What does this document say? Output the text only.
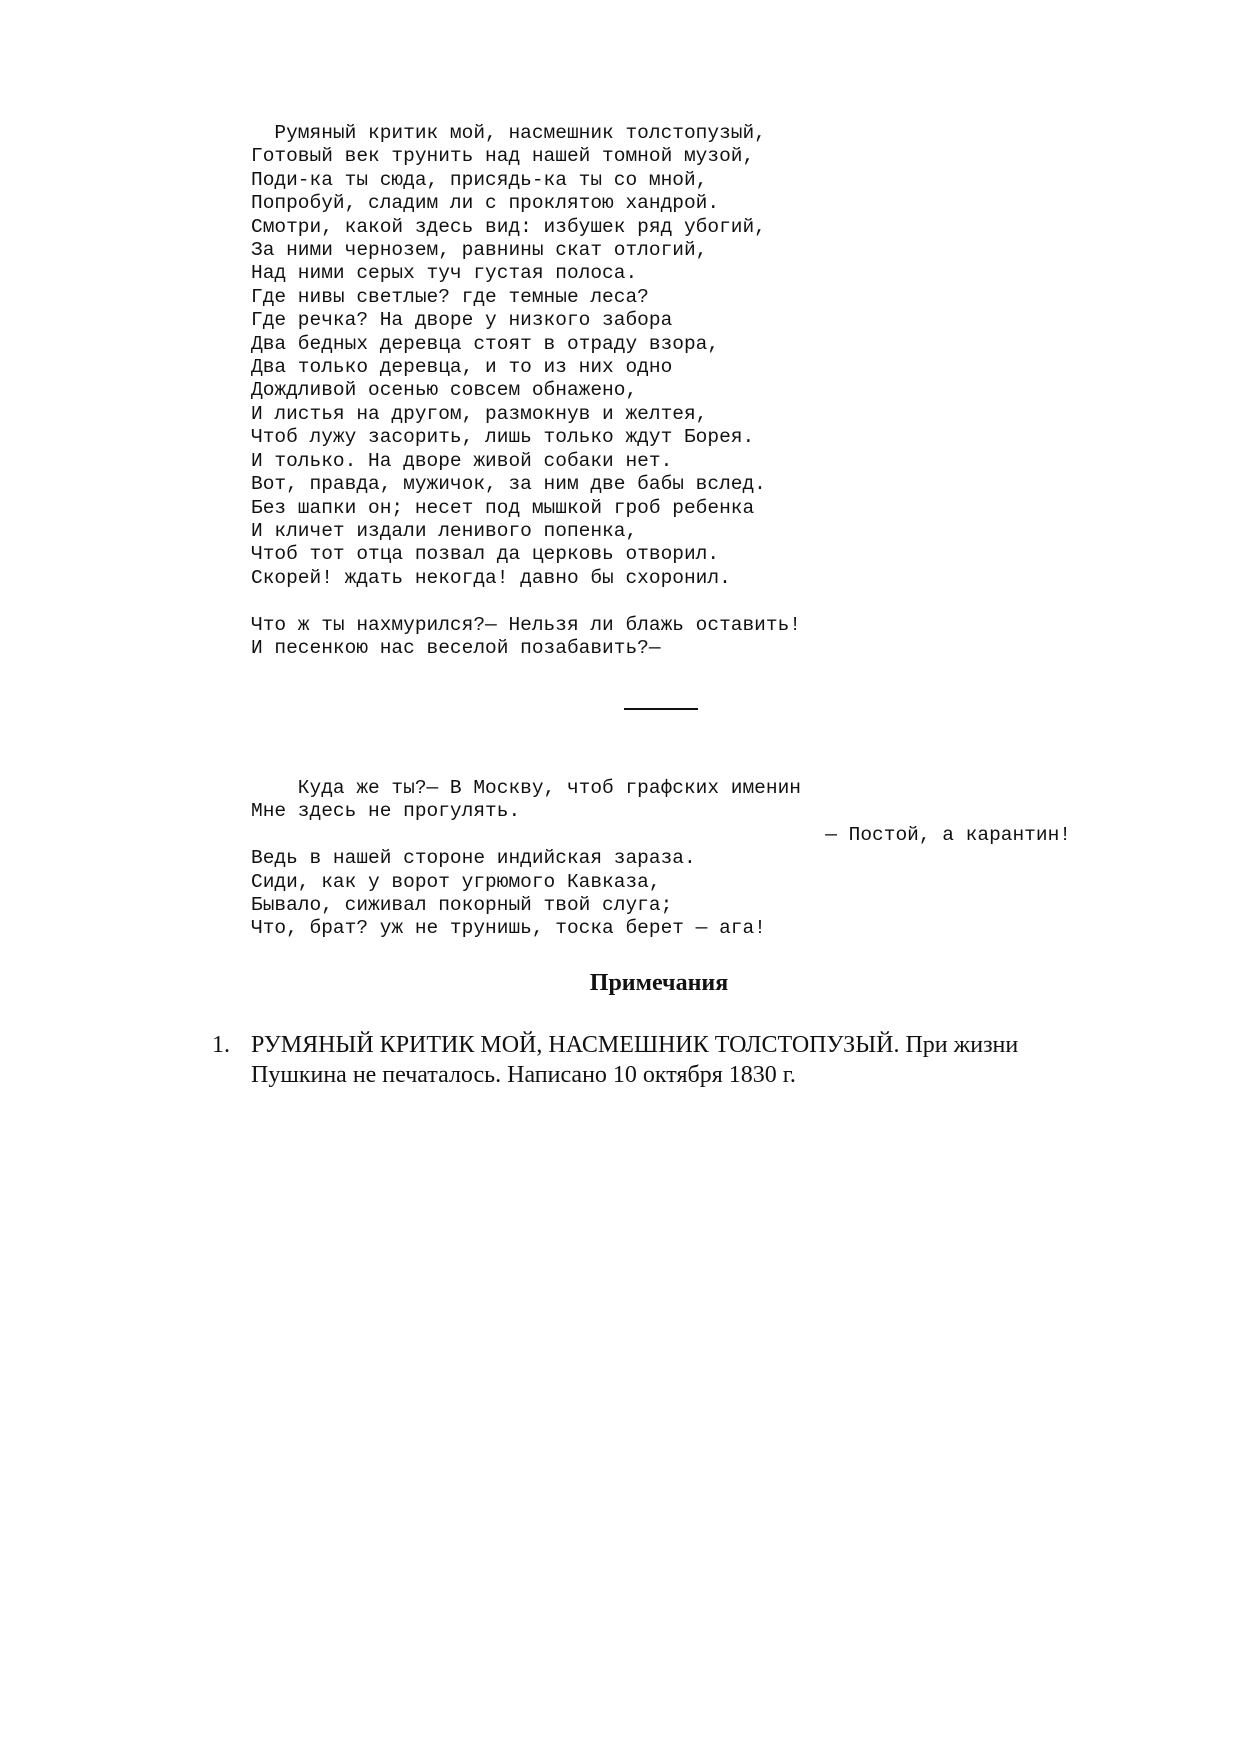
Румяный критик мой, насмешник толстопузый,
Готовый век трунить над нашей томной музой,
Поди-ка ты сюда, присядь-ка ты со мной,
Попробуй, сладим ли с проклятою хандрой.
Смотри, какой здесь вид: избушек ряд убогий,
За ними чернозем, равнины скат отлогий,
Над ними серых туч густая полоса.
Где нивы светлые? где темные леса?
Где речка? На дворе у низкого забора
Два бедных деревца стоят в отраду взора,
Два только деревца, и то из них одно
Дождливой осенью совсем обнажено,
И листья на другом, размокнув и желтея,
Чтоб лужу засорить, лишь только ждут Борея.
И только. На дворе живой собаки нет.
Вот, правда, мужичок, за ним две бабы вслед.
Без шапки он; несет под мышкой гроб ребенка
И кличет издали ленивого попенка,
Чтоб тот отца позвал да церковь отворил.
Скорей! ждать некогда! давно бы схоронил.
Что ж ты нахмурился?— Нельзя ли блажь оставить!
И песенкою нас веселой позабавить?—
Куда же ты?— В Москву, чтоб графских именин
Мне здесь не прогулять.

— Постой, а карантин!
Ведь в нашей стороне индийская зараза.
Сиди, как у ворот угрюмого Кавказа,
Бывало, сиживал покорный твой слуга;
Что, брат? уж не трунишь, тоска берет — ага!
Примечания
1. РУМЯНЫЙ КРИТИК МОЙ, НАСМЕШНИК ТОЛСТОПУЗЫЙ. При жизни Пушкина не печаталось. Написано 10 октября 1830 г.
